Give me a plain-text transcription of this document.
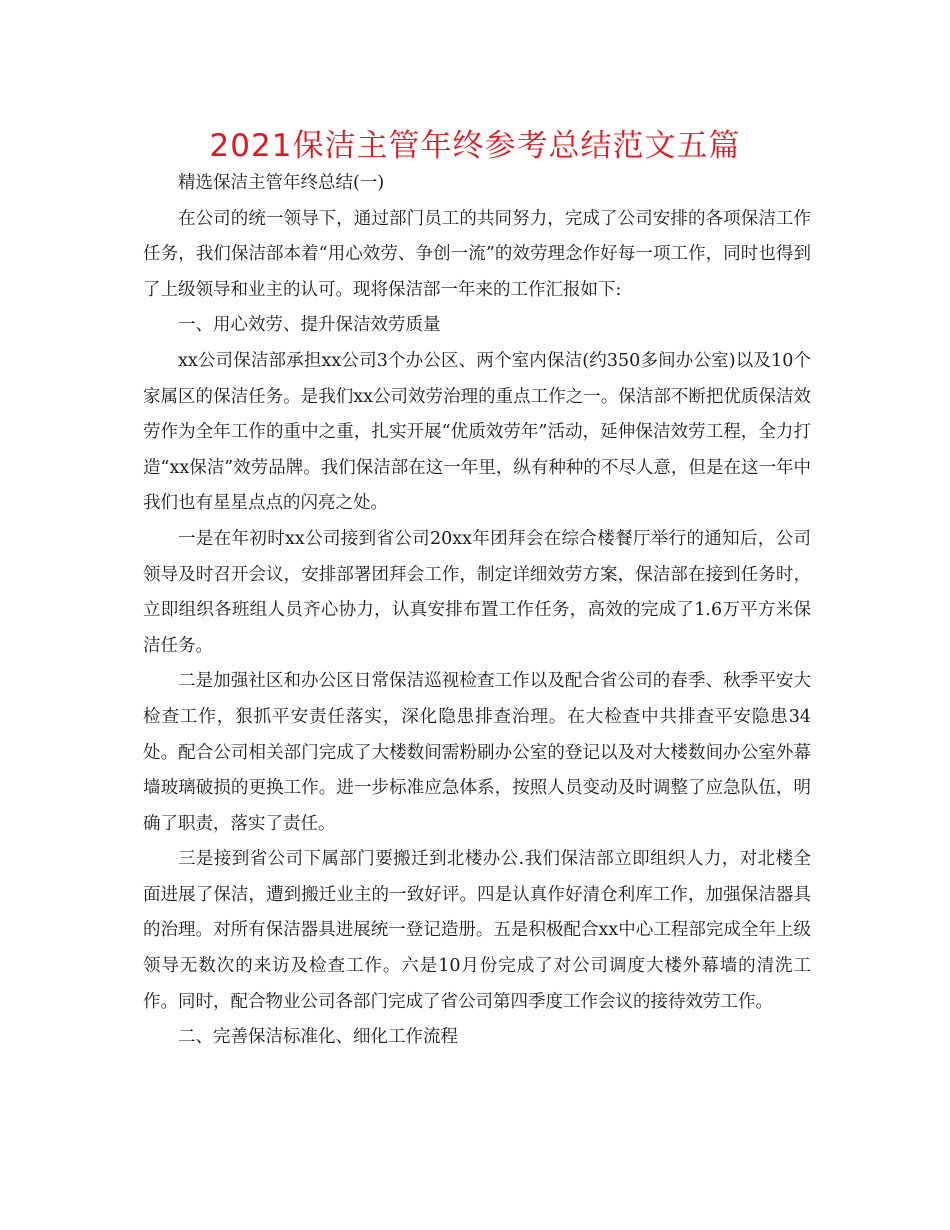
2021保洁主管年终参考总结范文五篇

精选保洁主管年终总结(一)

在公司的统一领导下，通过部门员工的共同努力，完成了公司安排的各项保洁工作任务，我们保洁部本着“用心效劳、争创一流”的效劳理念作好每一项工作，同时也得到了上级领导和业主的认可。现将保洁部一年来的工作汇报如下:

一、用心效劳、提升保洁效劳质量

xx公司保洁部承担xx公司3个办公区、两个室内保洁(约350多间办公室)以及10个家属区的保洁任务。是我们xx公司效劳治理的重点工作之一。保洁部不断把优质保洁效劳作为全年工作的重中之重，扎实开展“优质效劳年”活动，延伸保洁效劳工程，全力打造“xx保洁”效劳品牌。我们保洁部在这一年里，纵有种种的不尽人意，但是在这一年中我们也有星星点点的闪亮之处。

一是在年初时xx公司接到省公司20xx年团拜会在综合楼餐厅举行的通知后，公司领导及时召开会议，安排部署团拜会工作，制定详细效劳方案，保洁部在接到任务时，立即组织各班组人员齐心协力，认真安排布置工作任务，高效的完成了1.6万平方米保洁任务。

二是加强社区和办公区日常保洁巡视检查工作以及配合省公司的春季、秋季平安大检查工作，狠抓平安责任落实，深化隐患排查治理。在大检查中共排查平安隐患34处。配合公司相关部门完成了大楼数间需粉刷办公室的登记以及对大楼数间办公室外幕墙玻璃破损的更换工作。进一步标准应急体系，按照人员变动及时调整了应急队伍，明确了职责，落实了责任。

三是接到省公司下属部门要搬迁到北楼办公.我们保洁部立即组织人力，对北楼全面进展了保洁，遭到搬迁业主的一致好评。四是认真作好清仓利库工作，加强保洁器具的治理。对所有保洁器具进展统一登记造册。五是积极配合xx中心工程部完成全年上级领导无数次的来访及检查工作。六是10月份完成了对公司调度大楼外幕墙的清洗工作。同时，配合物业公司各部门完成了省公司第四季度工作会议的接待效劳工作。

二、完善保洁标准化、细化工作流程
